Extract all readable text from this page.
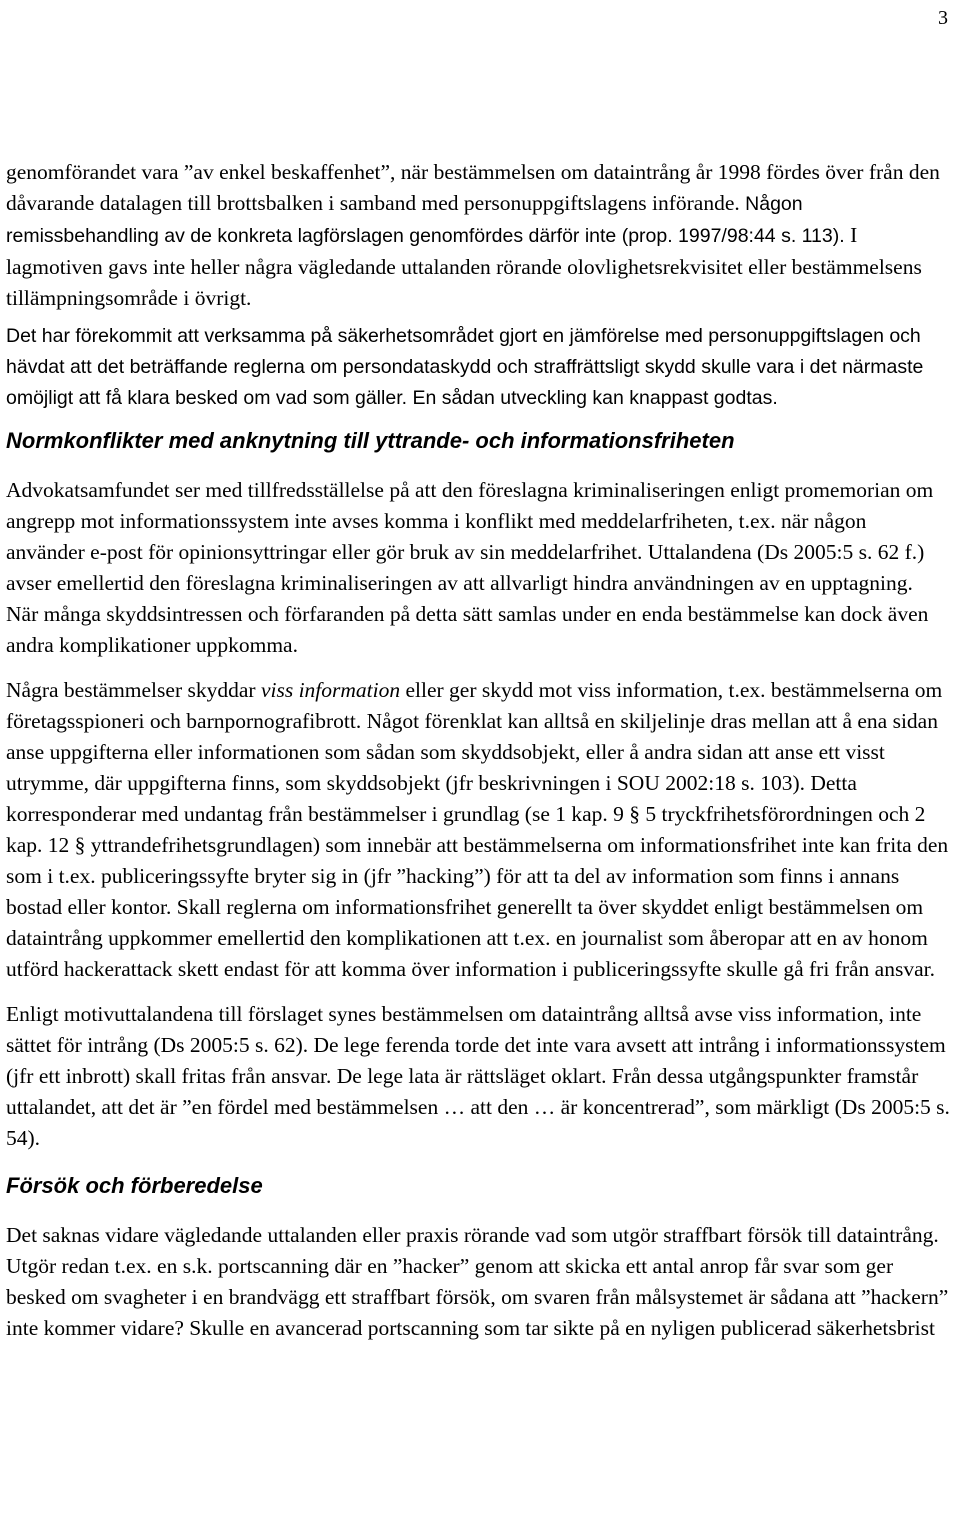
3

genomförandet vara ”av enkel beskaffenhet”, när bestämmelsen om dataintrång år 1998 fördes över från den dåvarande datalagen till brottsbalken i samband med personuppgiftslagens införande. Någon remissbehandling av de konkreta lagförslagen genomfördes därför inte (prop. 1997/98:44 s. 113). I lagmotiven gavs inte heller några vägledande uttalanden rörande olovlighetsrekvisitet eller bestämmelsens tillämpningsområde i övrigt.

Det har förekommit att verksamma på säkerhetsområdet gjort en jämförelse med personuppgiftslagen och hävdat att det beträffande reglerna om persondataskydd och straffrättsligt skydd skulle vara i det närmaste omöjligt att få klara besked om vad som gäller. En sådan utveckling kan knappast godtas.

Normkonflikter med anknytning till yttrande- och informationsfriheten

Advokatsamfundet ser med tillfredsställelse på att den föreslagna kriminaliseringen enligt promemorian om angrepp mot informationssystem inte avses komma i konflikt med meddelarfriheten, t.ex. när någon använder e-post för opinionsyttringar eller gör bruk av sin meddelarfrihet. Uttalandena (Ds 2005:5 s. 62 f.) avser emellertid den föreslagna kriminaliseringen av att allvarligt hindra användningen av en upptagning. När många skyddsintressen och förfaranden på detta sätt samlas under en enda bestämmelse kan dock även andra komplikationer uppkomma.

Några bestämmelser skyddar viss information eller ger skydd mot viss information, t.ex. bestämmelserna om företagsspioneri och barnpornografibrott. Något förenklat kan alltså en skiljelinje dras mellan att å ena sidan anse uppgifterna eller informationen som sådan som skyddsobjekt, eller å andra sidan att anse ett visst utrymme, där uppgifterna finns, som skyddsobjekt (jfr beskrivningen i SOU 2002:18 s. 103). Detta korresponderar med undantag från bestämmelser i grundlag (se 1 kap. 9 § 5 tryckfrihetsförordningen och 2 kap. 12 § yttrandefrihetsgrundlagen) som innebär att bestämmelserna om informationsfrihet inte kan frita den som i t.ex. publiceringssyfte bryter sig in (jfr ”hacking”) för att ta del av information som finns i annans bostad eller kontor. Skall reglerna om informationsfrihet generellt ta över skyddet enligt bestämmelsen om dataintrång uppkommer emellertid den komplikationen att t.ex. en journalist som åberopar att en av honom utförd hackerattack skett endast för att komma över information i publiceringssyfte skulle gå fri från ansvar.

Enligt motivuttalandena till förslaget synes bestämmelsen om dataintrång alltså avse viss information, inte sättet för intrång (Ds 2005:5 s. 62). De lege ferenda torde det inte vara avsett att intrång i informationssystem (jfr ett inbrott) skall fritas från ansvar. De lege lata är rättsläget oklart. Från dessa utgångspunkter framstår uttalandet, att det är ”en fördel med bestämmelsen … att den … är koncentrerad”, som märkligt (Ds 2005:5 s. 54).

Försök och förberedelse

Det saknas vidare vägledande uttalanden eller praxis rörande vad som utgör straffbart försök till dataintrång. Utgör redan t.ex. en s.k. portscanning där en ”hacker” genom att skicka ett antal anrop får svar som ger besked om svagheter i en brandvägg ett straffbart försök, om svaren från målsystemet är sådana att ”hackern” inte kommer vidare? Skulle en avancerad portscanning som tar sikte på en nyligen publicerad säkerhetsbrist
